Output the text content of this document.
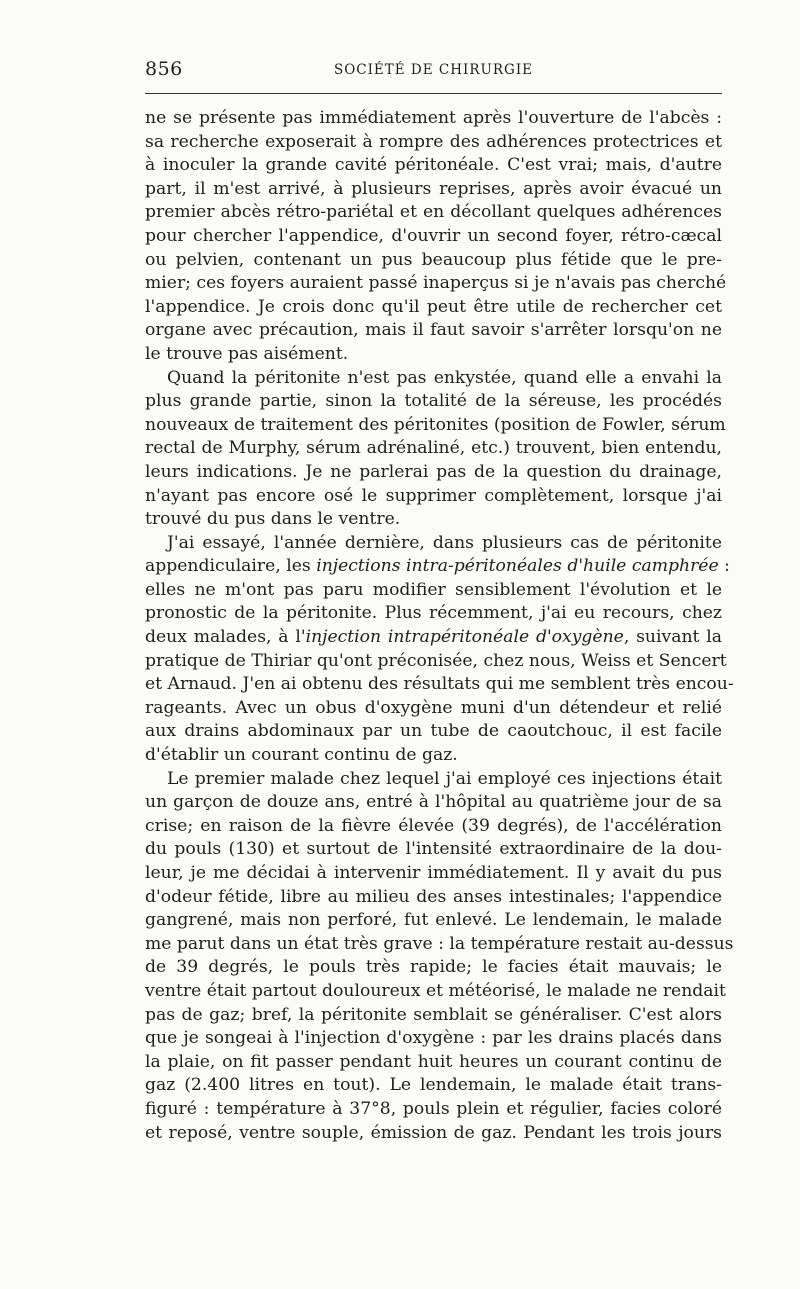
856	SOCIÉTÉ DE CHIRURGIE
ne se présente pas immédiatement après l'ouverture de l'abcès :
sa recherche exposerait à rompre des adhérences protectrices et
à inoculer la grande cavité péritonéale. C'est vrai; mais, d'autre
part, il m'est arrivé, à plusieurs reprises, après avoir évacué un
premier abcès rétro-pariétal et en décollant quelques adhérences
pour chercher l'appendice, d'ouvrir un second foyer, rétro-cæcal
ou pelvien, contenant un pus beaucoup plus fétide que le pre-
mier; ces foyers auraient passé inaperçus si je n'avais pas cherché
l'appendice. Je crois donc qu'il peut être utile de rechercher cet
organe avec précaution, mais il faut savoir s'arrêter lorsqu'on ne
le trouve pas aisément.
Quand la péritonite n'est pas enkystée, quand elle a envahi la
plus grande partie, sinon la totalité de la séreuse, les procédés
nouveaux de traitement des péritonites (position de Fowler, sérum
rectal de Murphy, sérum adrénaliné, etc.) trouvent, bien entendu,
leurs indications. Je ne parlerai pas de la question du drainage,
n'ayant pas encore osé le supprimer complètement, lorsque j'ai
trouvé du pus dans le ventre.
J'ai essayé, l'année dernière, dans plusieurs cas de péritonite
appendiculaire, les injections intra-péritonéales d'huile camphrée :
elles ne m'ont pas paru modifier sensiblement l'évolution et le
pronostic de la péritonite. Plus récemment, j'ai eu recours, chez
deux malades, à l'injection intrapéritonéale d'oxygène, suivant la
pratique de Thiriar qu'ont préconisée, chez nous, Weiss et Sencert
et Arnaud. J'en ai obtenu des résultats qui me semblent très encou-
rageants. Avec un obus d'oxygène muni d'un détendeur et relié
aux drains abdominaux par un tube de caoutchouc, il est facile
d'établir un courant continu de gaz.
Le premier malade chez lequel j'ai employé ces injections était
un garçon de douze ans, entré à l'hôpital au quatrième jour de sa
crise; en raison de la fièvre élevée (39 degrés), de l'accélération
du pouls (130) et surtout de l'intensité extraordinaire de la dou-
leur, je me décidai à intervenir immédiatement. Il y avait du pus
d'odeur fétide, libre au milieu des anses intestinales; l'appendice
gangrené, mais non perforé, fut enlevé. Le lendemain, le malade
me parut dans un état très grave : la température restait au-dessus
de 39 degrés, le pouls très rapide; le facies était mauvais; le
ventre était partout douloureux et météorisé, le malade ne rendait
pas de gaz; bref, la péritonite semblait se généraliser. C'est alors
que je songeai à l'injection d'oxygène : par les drains placés dans
la plaie, on fit passer pendant huit heures un courant continu de
gaz (2.400 litres en tout). Le lendemain, le malade était trans-
figuré : température à 37°8, pouls plein et régulier, facies coloré
et reposé, ventre souple, émission de gaz. Pendant les trois jours
